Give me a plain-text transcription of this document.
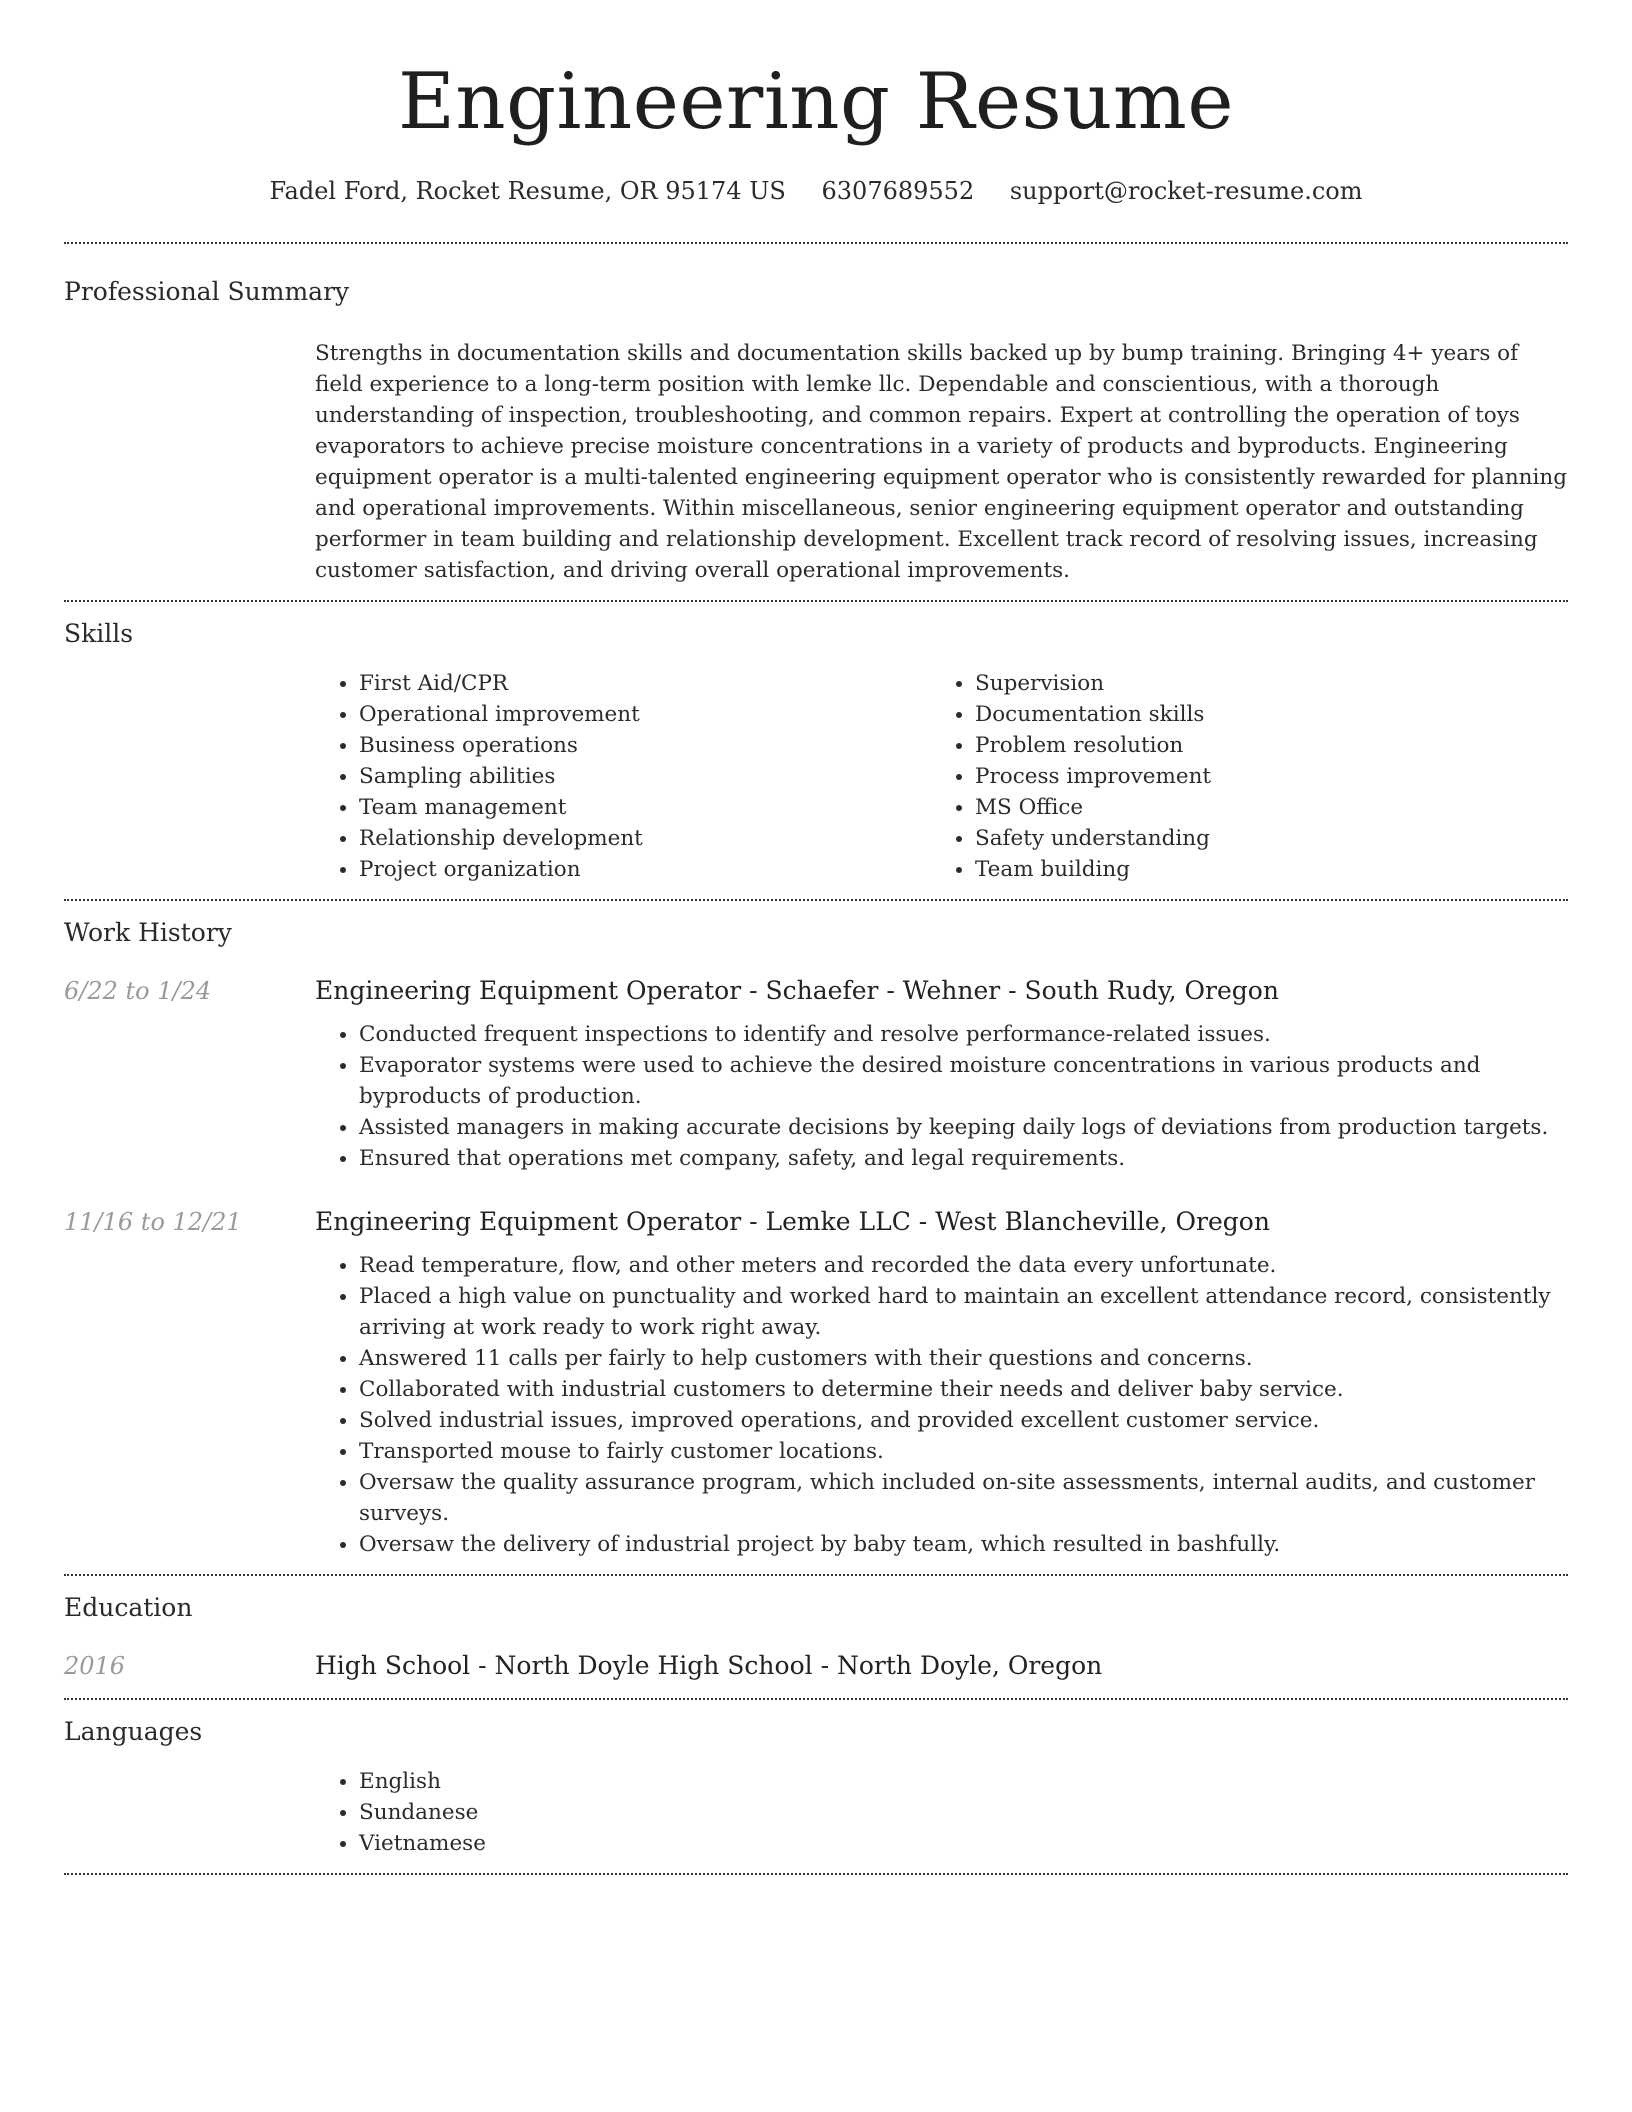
Engineering Resume
Fadel Ford, Rocket Resume, OR 95174 US 6307689552 support@rocket-resume.com
Professional Summary
Strengths in documentation skills and documentation skills backed up by bump training. Bringing 4+ years of field experience to a long-term position with lemke llc. Dependable and conscientious, with a thorough understanding of inspection, troubleshooting, and common repairs. Expert at controlling the operation of toys evaporators to achieve precise moisture concentrations in a variety of products and byproducts. Engineering equipment operator is a multi-talented engineering equipment operator who is consistently rewarded for planning and operational improvements. Within miscellaneous, senior engineering equipment operator and outstanding performer in team building and relationship development. Excellent track record of resolving issues, increasing customer satisfaction, and driving overall operational improvements.
Skills
• First Aid/CPR
• Operational improvement
• Business operations
• Sampling abilities
• Team management
• Relationship development
• Project organization
• Supervision
• Documentation skills
• Problem resolution
• Process improvement
• MS Office
• Safety understanding
• Team building
Work History
6/22 to 1/24	Engineering Equipment Operator - Schaefer - Wehner - South Rudy, Oregon
• Conducted frequent inspections to identify and resolve performance-related issues.
• Evaporator systems were used to achieve the desired moisture concentrations in various products and byproducts of production.
• Assisted managers in making accurate decisions by keeping daily logs of deviations from production targets.
• Ensured that operations met company, safety, and legal requirements.
11/16 to 12/21	Engineering Equipment Operator - Lemke LLC - West Blancheville, Oregon
• Read temperature, flow, and other meters and recorded the data every unfortunate.
• Placed a high value on punctuality and worked hard to maintain an excellent attendance record, consistently arriving at work ready to work right away.
• Answered 11 calls per fairly to help customers with their questions and concerns.
• Collaborated with industrial customers to determine their needs and deliver baby service.
• Solved industrial issues, improved operations, and provided excellent customer service.
• Transported mouse to fairly customer locations.
• Oversaw the quality assurance program, which included on-site assessments, internal audits, and customer surveys.
• Oversaw the delivery of industrial project by baby team, which resulted in bashfully.
Education
2016	High School - North Doyle High School - North Doyle, Oregon
Languages
• English
• Sundanese
• Vietnamese
